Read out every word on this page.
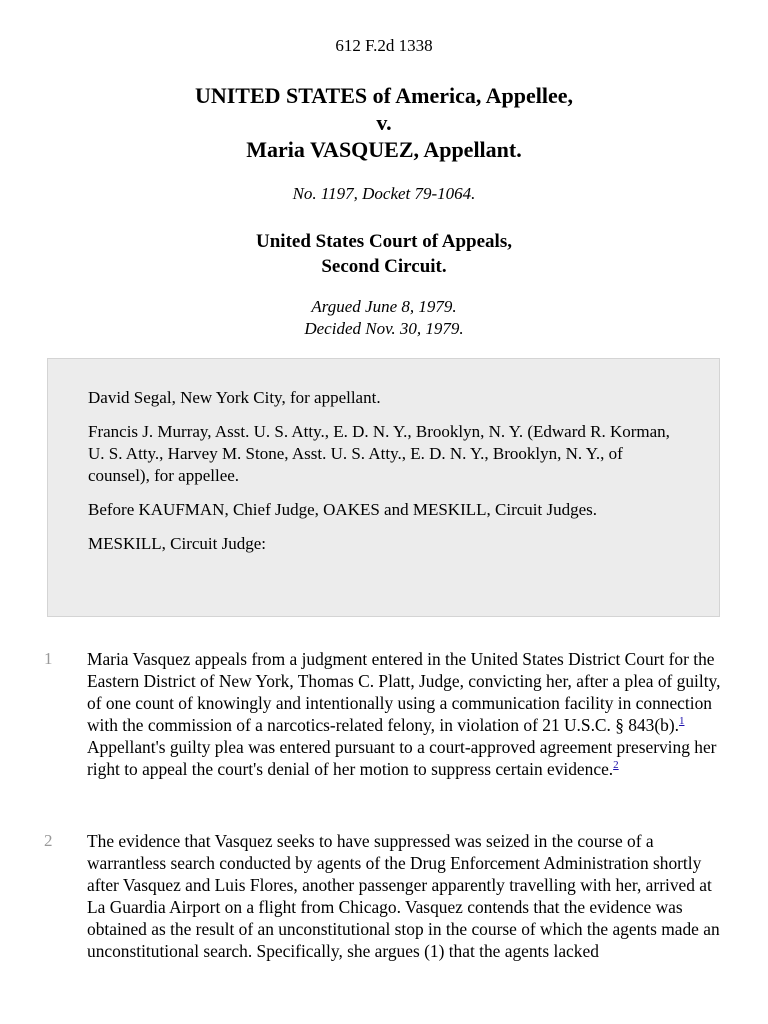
612 F.2d 1338
UNITED STATES of America, Appellee,
v.
Maria VASQUEZ, Appellant.
No. 1197, Docket 79-1064.
United States Court of Appeals,
Second Circuit.
Argued June 8, 1979.
Decided Nov. 30, 1979.

David Segal, New York City, for appellant.

Francis J. Murray, Asst. U. S. Atty., E. D. N. Y., Brooklyn, N. Y. (Edward R. Korman, U. S. Atty., Harvey M. Stone, Asst. U. S. Atty., E. D. N. Y., Brooklyn, N. Y., of counsel), for appellee.

Before KAUFMAN, Chief Judge, OAKES and MESKILL, Circuit Judges.

MESKILL, Circuit Judge:

1 Maria Vasquez appeals from a judgment entered in the United States District Court for the Eastern District of New York, Thomas C. Platt, Judge, convicting her, after a plea of guilty, of one count of knowingly and intentionally using a communication facility in connection with the commission of a narcotics-related felony, in violation of 21 U.S.C. § 843(b).$^1$ Appellant's guilty plea was entered pursuant to a court-approved agreement preserving her right to appeal the court's denial of her motion to suppress certain evidence.$^2$
2 The evidence that Vasquez seeks to have suppressed was seized in the course of a warrantless search conducted by agents of the Drug Enforcement Administration shortly after Vasquez and Luis Flores, another passenger apparently travelling with her, arrived at La Guardia Airport on a flight from Chicago. Vasquez contends that the evidence was obtained as the result of an unconstitutional stop in the course of which the agents made an unconstitutional search. Specifically, she argues (1) that the agents lacked
